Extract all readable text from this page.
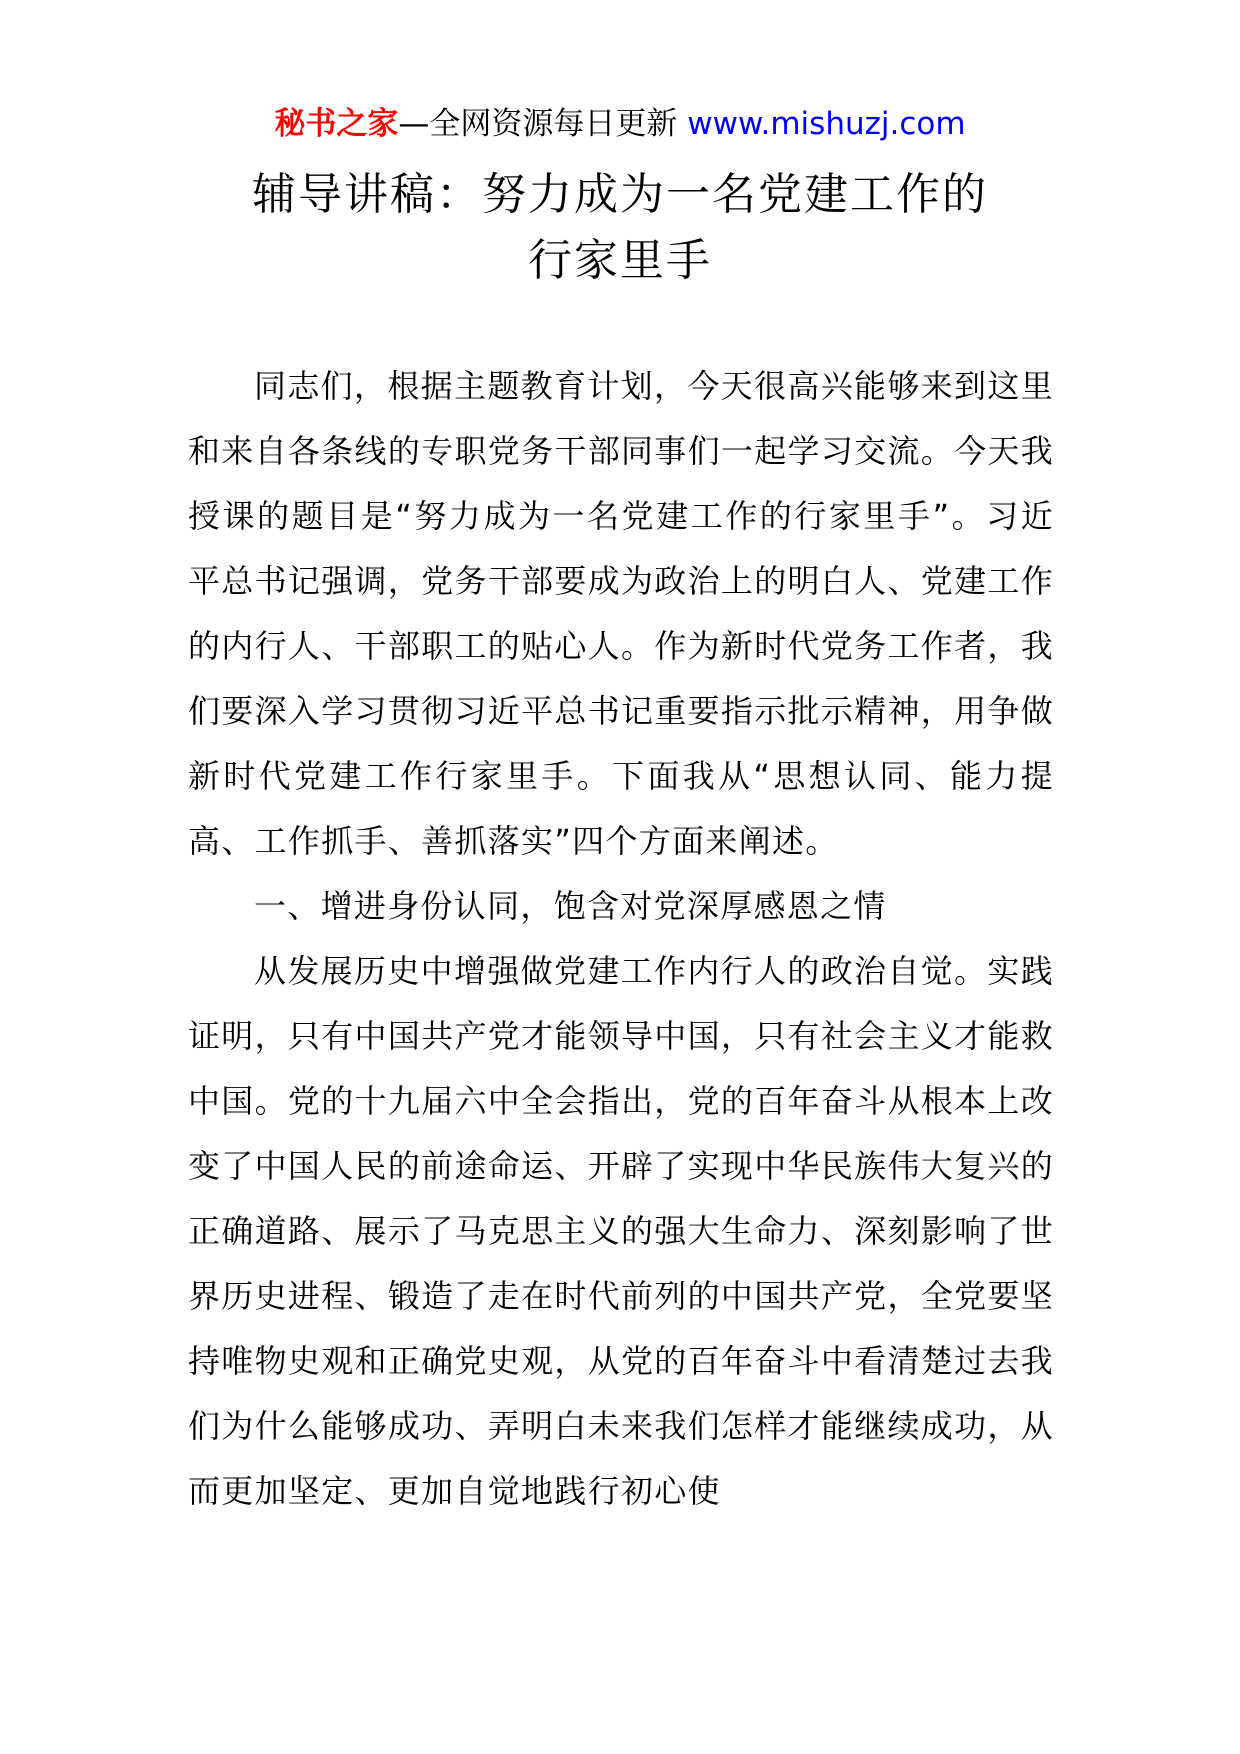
秘书之家—全网资源每日更新 www.mishuzj.com
辅导讲稿：努力成为一名党建工作的
行家里手

同志们，根据主题教育计划，今天很高兴能够来到这里和来自各条线的专职党务干部同事们一起学习交流。今天我授课的题目是“努力成为一名党建工作的行家里手”。习近平总书记强调，党务干部要成为政治上的明白人、党建工作的内行人、干部职工的贴心人。作为新时代党务工作者，我们要深入学习贯彻习近平总书记重要指示批示精神，用争做新时代党建工作行家里手。下面我从“思想认同、能力提高、工作抓手、善抓落实”四个方面来阐述。

一、增进身份认同，饱含对党深厚感恩之情

从发展历史中增强做党建工作内行人的政治自觉。实践证明，只有中国共产党才能领导中国，只有社会主义才能救中国。党的十九届六中全会指出，党的百年奋斗从根本上改变了中国人民的前途命运、开辟了实现中华民族伟大复兴的正确道路、展示了马克思主义的强大生命力、深刻影响了世界历史进程、锻造了走在时代前列的中国共产党，全党要坚持唯物史观和正确党史观，从党的百年奋斗中看清楚过去我们为什么能够成功、弄明白未来我们怎样才能继续成功，从而更加坚定、更加自觉地践行初心使
